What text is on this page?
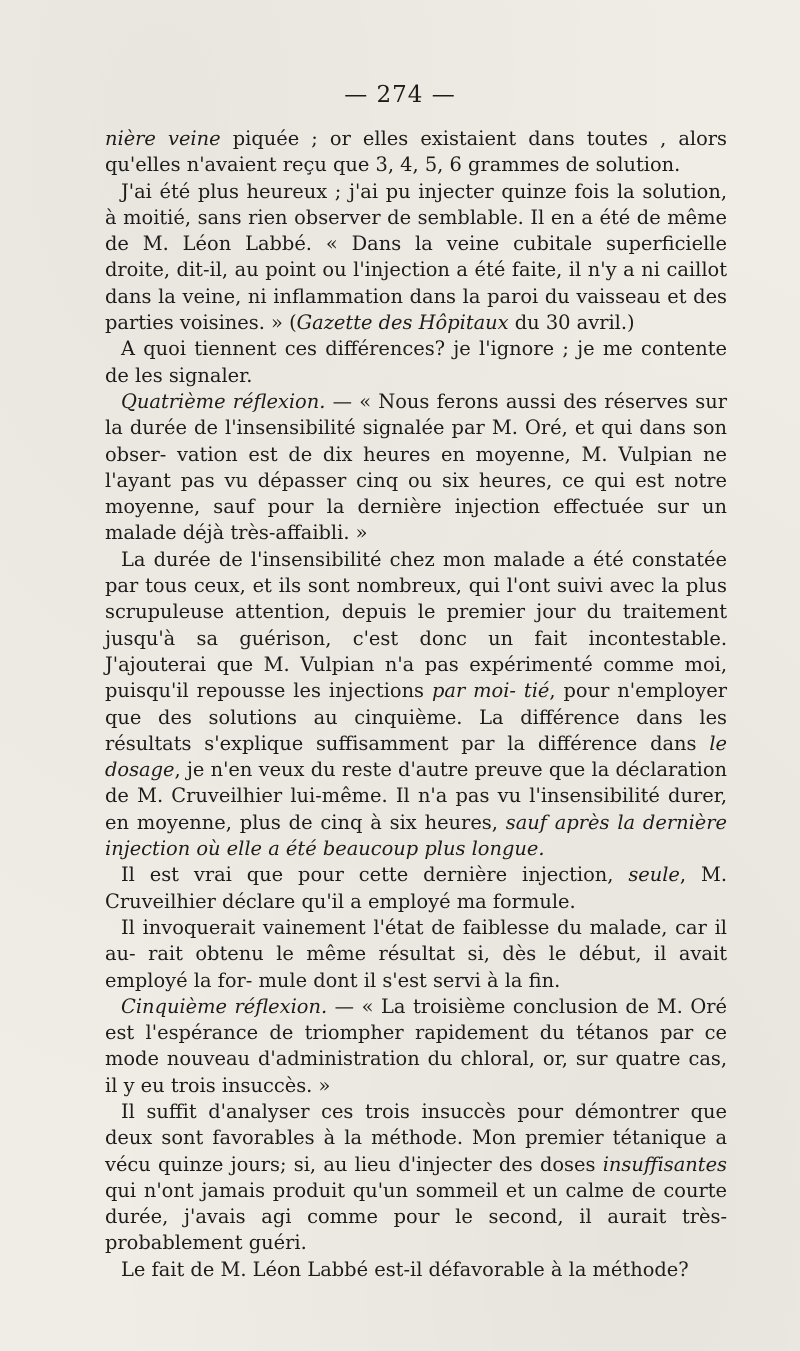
— 274 —

nière veine piquée ; or elles existaient dans toutes , alors qu'elles n'avaient reçu que 3, 4, 5, 6 grammes de solution.

J'ai été plus heureux ; j'ai pu injecter quinze fois la solution, à moitié, sans rien observer de semblable. Il en a été de même de M. Léon Labbé. « Dans la veine cubitale superficielle droite, dit-il, au point ou l'injection a été faite, il n'y a ni caillot dans la veine, ni inflammation dans la paroi du vaisseau et des parties voisines. » (Gazette des Hôpitaux du 30 avril.)

A quoi tiennent ces différences? je l'ignore ; je me contente de les signaler.

Quatrième réflexion. — « Nous ferons aussi des réserves sur la durée de l'insensibilité signalée par M. Oré, et qui dans son obser- vation est de dix heures en moyenne, M. Vulpian ne l'ayant pas vu dépasser cinq ou six heures, ce qui est notre moyenne, sauf pour la dernière injection effectuée sur un malade déjà très-affaibli. »

La durée de l'insensibilité chez mon malade a été constatée par tous ceux, et ils sont nombreux, qui l'ont suivi avec la plus scrupuleuse attention, depuis le premier jour du traitement jusqu'à sa guérison, c'est donc un fait incontestable. J'ajouterai que M. Vulpian n'a pas expérimenté comme moi, puisqu'il repousse les injections par moi- tié, pour n'employer que des solutions au cinquième. La différence dans les résultats s'explique suffisamment par la différence dans le dosage, je n'en veux du reste d'autre preuve que la déclaration de M. Cruveilhier lui-même. Il n'a pas vu l'insensibilité durer, en moyenne, plus de cinq à six heures, sauf après la dernière injection où elle a été beaucoup plus longue.

Il est vrai que pour cette dernière injection, seule, M. Cruveilhier déclare qu'il a employé ma formule.

Il invoquerait vainement l'état de faiblesse du malade, car il au- rait obtenu le même résultat si, dès le début, il avait employé la for- mule dont il s'est servi à la fin.

Cinquième réflexion. — « La troisième conclusion de M. Oré est l'espérance de triompher rapidement du tétanos par ce mode nouveau d'administration du chloral, or, sur quatre cas, il y eu trois insuccès. »

Il suffit d'analyser ces trois insuccès pour démontrer que deux sont favorables à la méthode. Mon premier tétanique a vécu quinze jours; si, au lieu d'injecter des doses insuffisantes qui n'ont jamais produit qu'un sommeil et un calme de courte durée, j'avais agi comme pour le second, il aurait très-probablement guéri.

Le fait de M. Léon Labbé est-il défavorable à la méthode?
